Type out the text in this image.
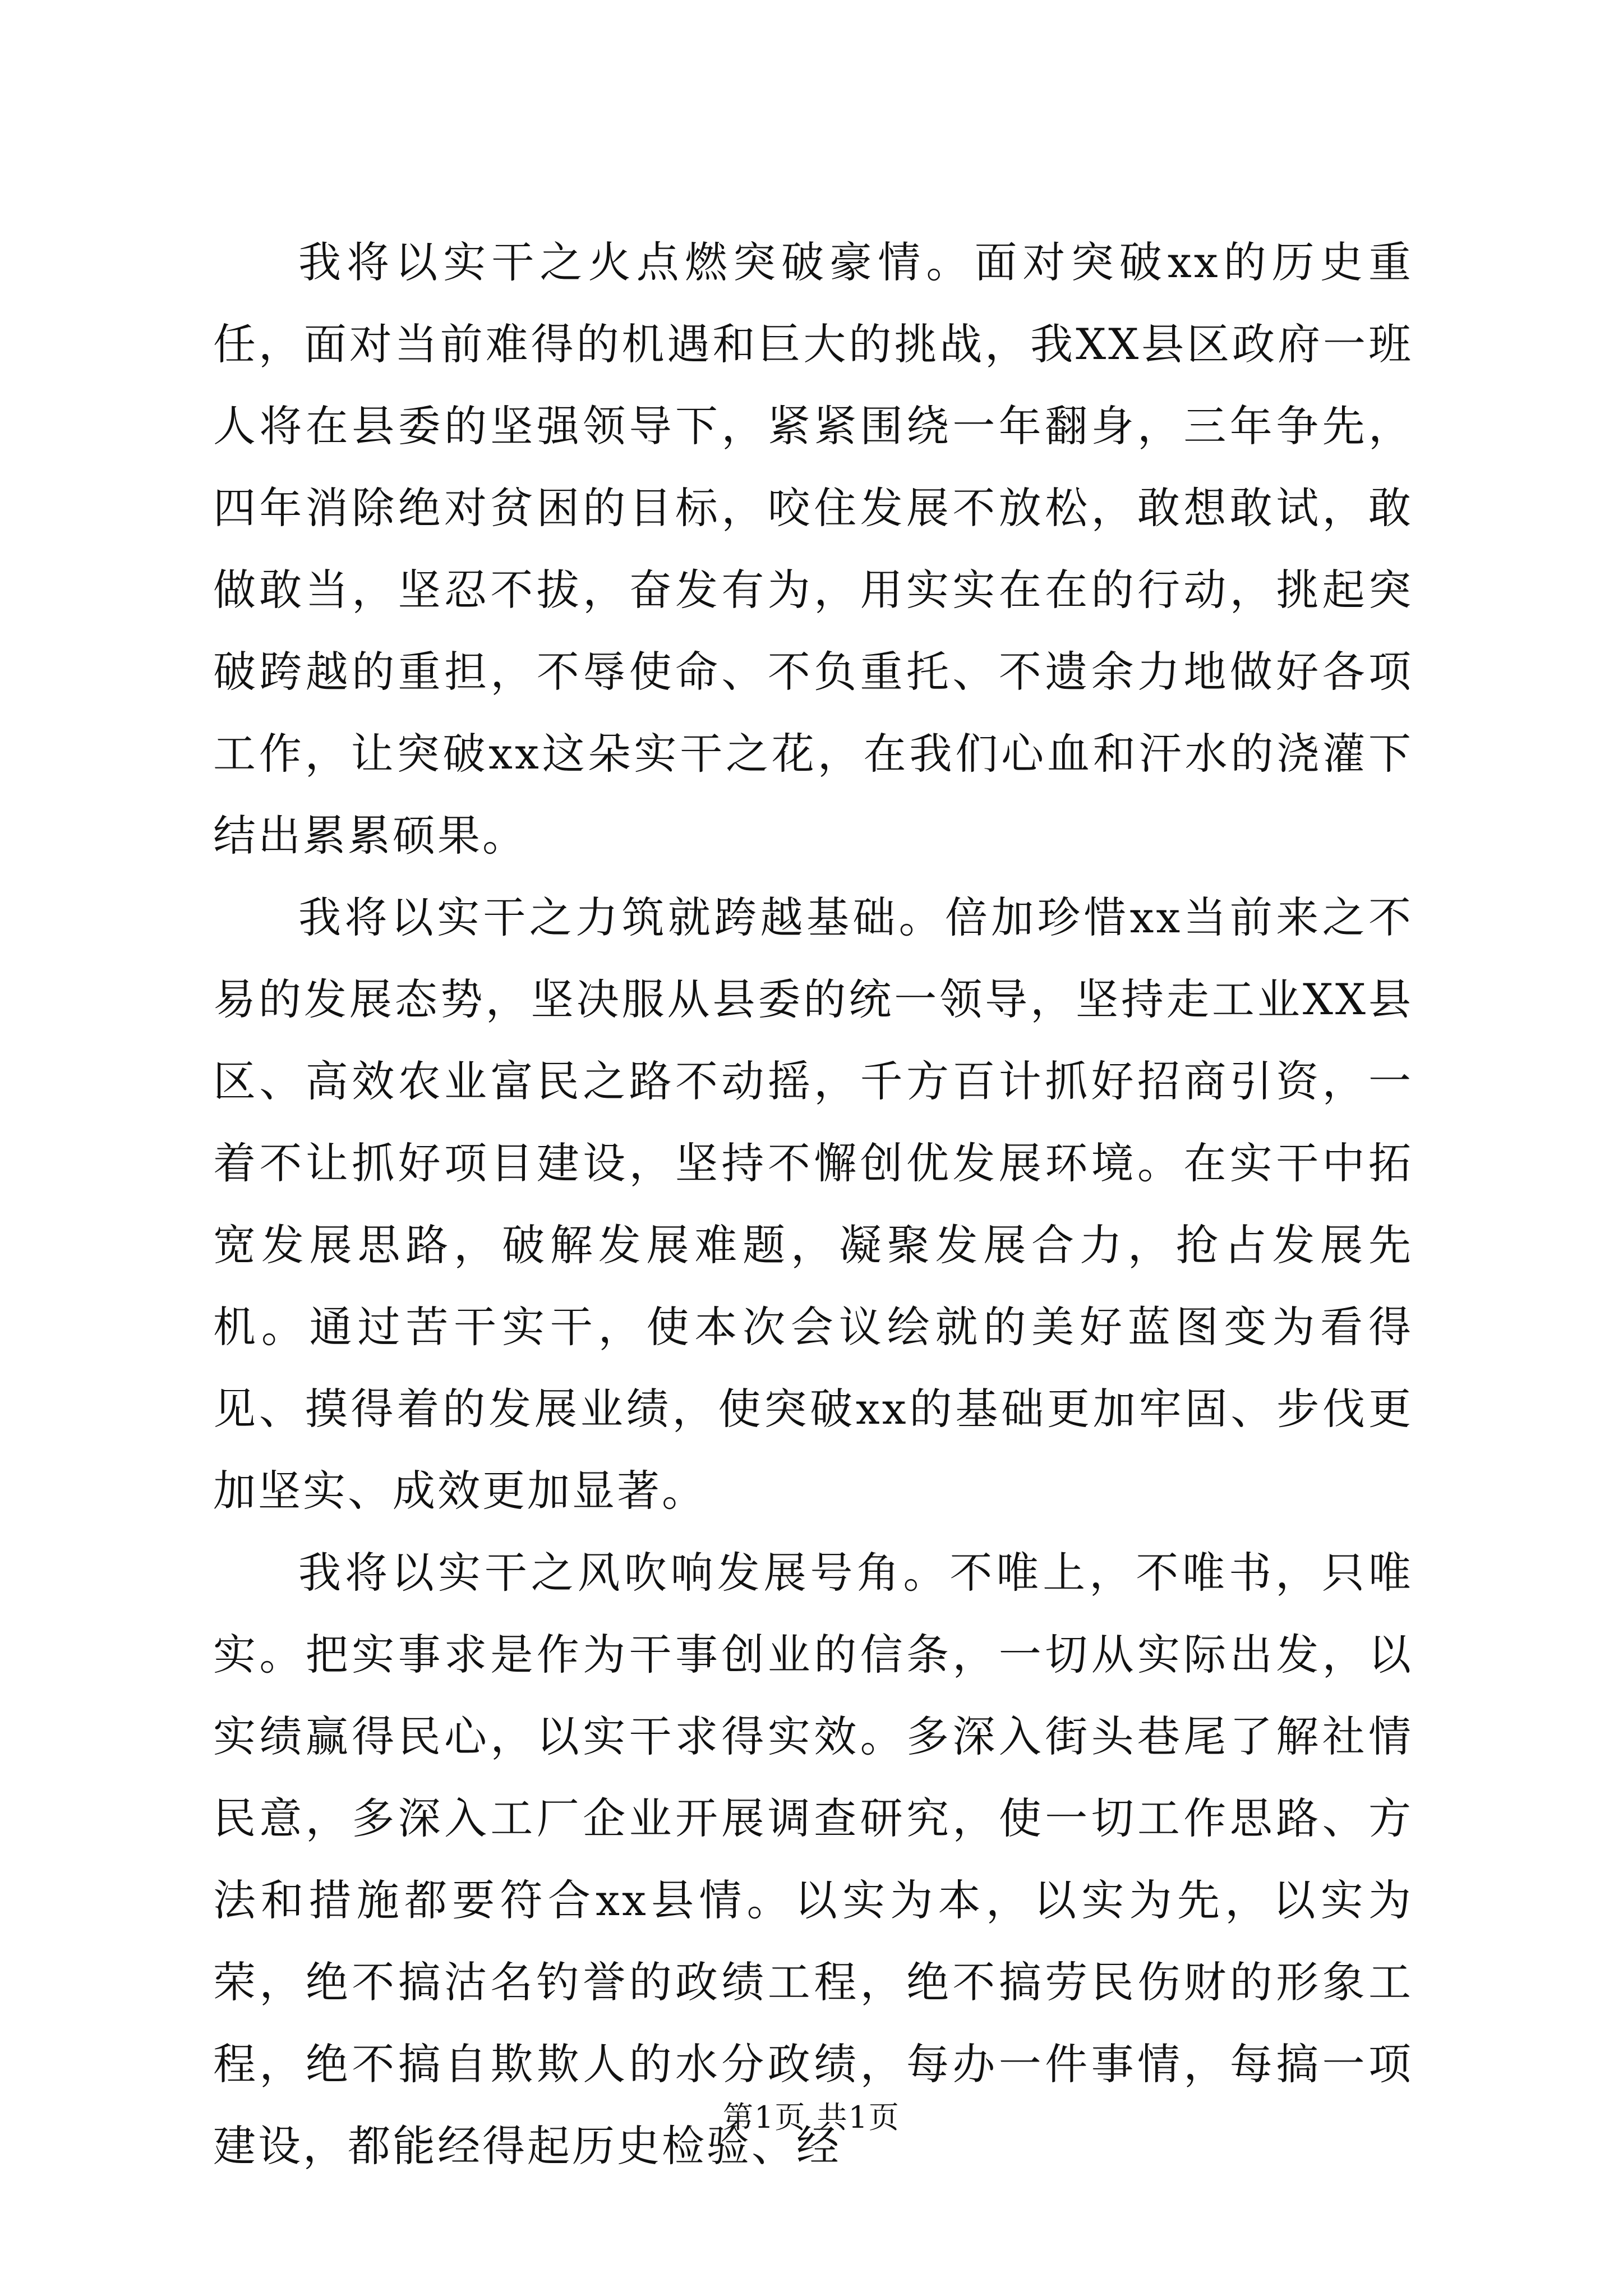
我将以实干之火点燃突破豪情。面对突破xx的历史重任，面对当前难得的机遇和巨大的挑战，我XX县区政府一班人将在县委的坚强领导下，紧紧围绕一年翻身，三年争先，四年消除绝对贫困的目标，咬住发展不放松，敢想敢试，敢做敢当，坚忍不拔，奋发有为，用实实在在的行动，挑起突破跨越的重担，不辱使命、不负重托、不遗余力地做好各项工作，让突破xx这朵实干之花，在我们心血和汗水的浇灌下结出累累硕果。

我将以实干之力筑就跨越基础。倍加珍惜xx当前来之不易的发展态势，坚决服从县委的统一领导，坚持走工业XX县区、高效农业富民之路不动摇，千方百计抓好招商引资，一着不让抓好项目建设，坚持不懈创优发展环境。在实干中拓宽发展思路，破解发展难题，凝聚发展合力，抢占发展先机。通过苦干实干，使本次会议绘就的美好蓝图变为看得见、摸得着的发展业绩，使突破xx的基础更加牢固、步伐更加坚实、成效更加显著。

我将以实干之风吹响发展号角。不唯上，不唯书，只唯实。把实事求是作为干事创业的信条，一切从实际出发，以实绩赢得民心，以实干求得实效。多深入街头巷尾了解社情民意，多深入工厂企业开展调查研究，使一切工作思路、方法和措施都要符合xx县情。以实为本，以实为先，以实为荣，绝不搞沽名钓誉的政绩工程，绝不搞劳民伤财的形象工程，绝不搞自欺欺人的水分政绩，每办一件事情，每搞一项建设，都能经得起历史检验、经

第1页 共1页
